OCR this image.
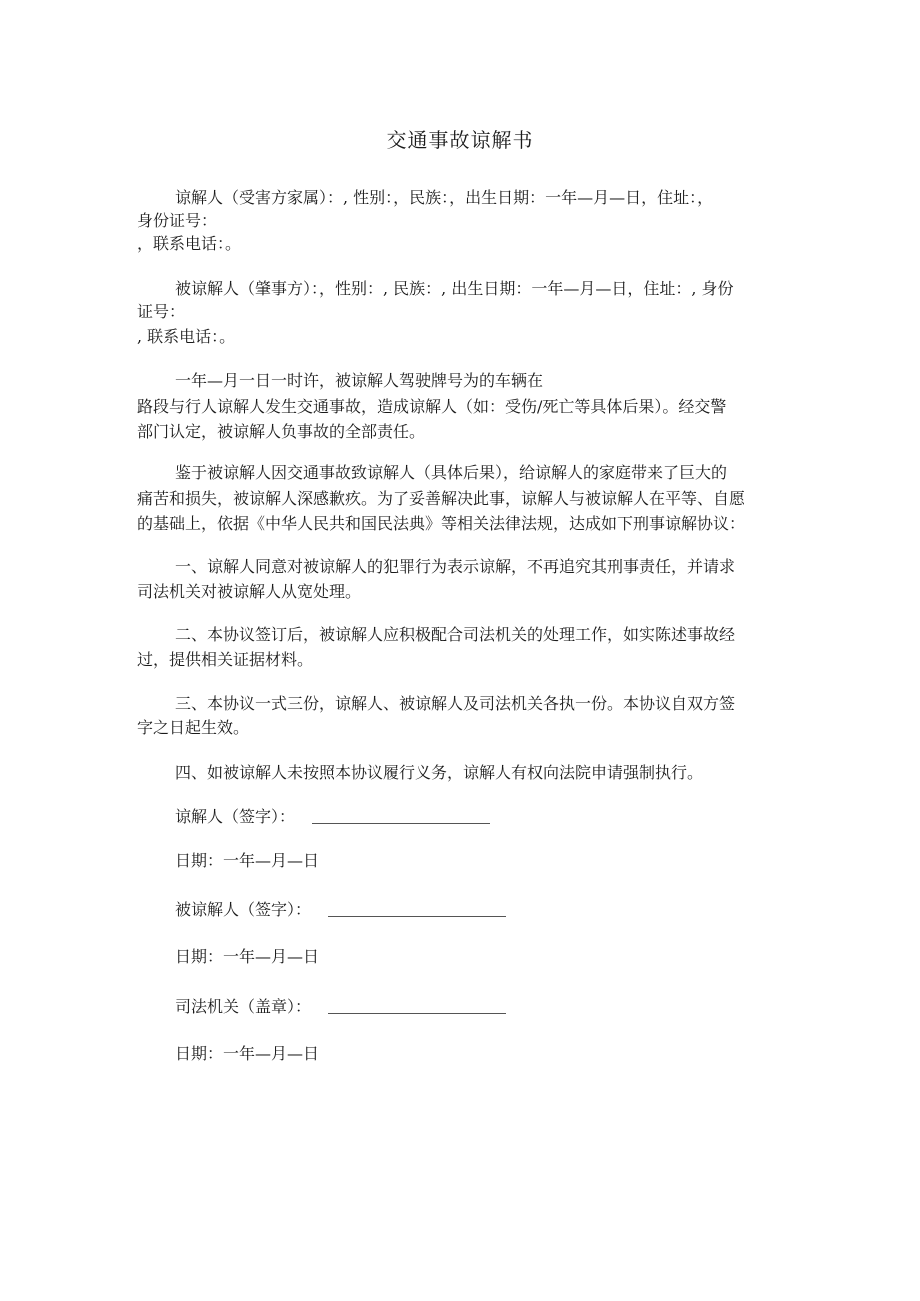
交通事故谅解书
谅解人（受害方家属）：, 性别：，民族：，出生日期：一年—月—日，住址：，
身份证号：
，联系电话：。
被谅解人（肇事方）：，性别：, 民族：, 出生日期：一年—月—日，住址：, 身份
证号：
, 联系电话：。
一年—月一日一时许，被谅解人驾驶牌号为的车辆在
路段与行人谅解人发生交通事故，造成谅解人（如：受伤/死亡等具体后果）。经交警
部门认定，被谅解人负事故的全部责任。
鉴于被谅解人因交通事故致谅解人（具体后果），给谅解人的家庭带来了巨大的
痛苦和损失，被谅解人深感歉疚。为了妥善解决此事，谅解人与被谅解人在平等、自愿
的基础上，依据《中华人民共和国民法典》等相关法律法规，达成如下刑事谅解协议：
一、谅解人同意对被谅解人的犯罪行为表示谅解，不再追究其刑事责任，并请求
司法机关对被谅解人从宽处理。
二、本协议签订后，被谅解人应积极配合司法机关的处理工作，如实陈述事故经
过，提供相关证据材料。
三、本协议一式三份，谅解人、被谅解人及司法机关各执一份。本协议自双方签
字之日起生效。
四、如被谅解人未按照本协议履行义务，谅解人有权向法院申请强制执行。
谅解人（签字）：
日期：一年—月—日
被谅解人（签字）：
日期：一年—月—日
司法机关（盖章）：
日期：一年—月—日
